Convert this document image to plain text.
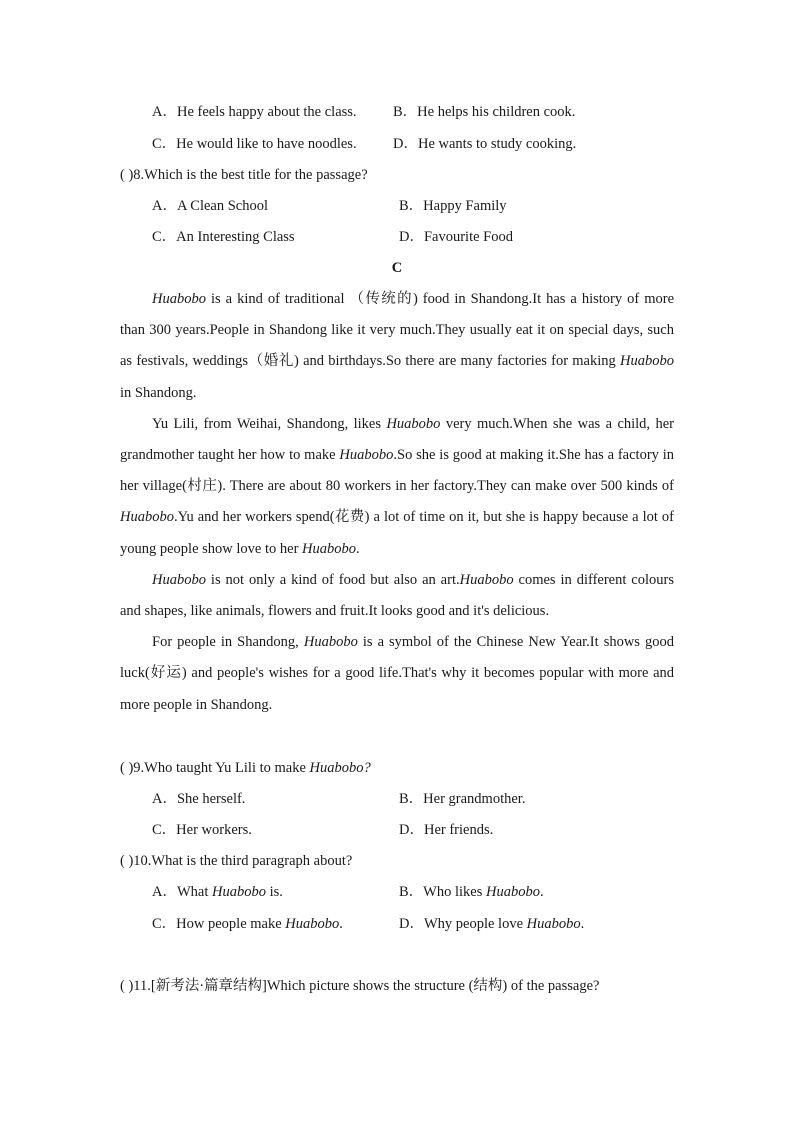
A．He feels happy about the class.	B．He helps his children cook.
C．He would like to have noodles.	D．He wants to study cooking.
( )8.Which is the best title for the passage?
A．A Clean School	B．Happy Family
C．An Interesting Class	D．Favourite Food
C

Huabobo is a kind of traditional （传统的) food in Shandong.It has a history of more than 300 years.People in Shandong like it very much.They usually eat it on special days, such as festivals, weddings（婚礼) and birthdays.So there are many factories for making Huabobo in Shandong.

Yu Lili, from Weihai, Shandong, likes Huabobo very much.When she was a child, her grandmother taught her how to make Huabobo.So she is good at making it.She has a factory in her village(村庄). There are about 80 workers in her factory.They can make over 500 kinds of Huabobo.Yu and her workers spend(花费) a lot of time on it, but she is happy because a lot of young people show love to her Huabobo.

Huabobo is not only a kind of food but also an art.Huabobo comes in different colours and shapes, like animals, flowers and fruit.It looks good and it's delicious.

For people in Shandong, Huabobo is a symbol of the Chinese New Year.It shows good luck(好运) and people's wishes for a good life.That's why it becomes popular with more and more people in Shandong.

( )9.Who taught Yu Lili to make Huabobo?
A．She herself.	B．Her grandmother.
C．Her workers.	D．Her friends.
( )10.What is the third paragraph about?
A．What Huabobo is.	B．Who likes Huabobo.
C．How people make Huabobo.	D．Why people love Huabobo.
( )11.[新考法·篇章结构]Which picture shows the structure (结构) of the passage?
